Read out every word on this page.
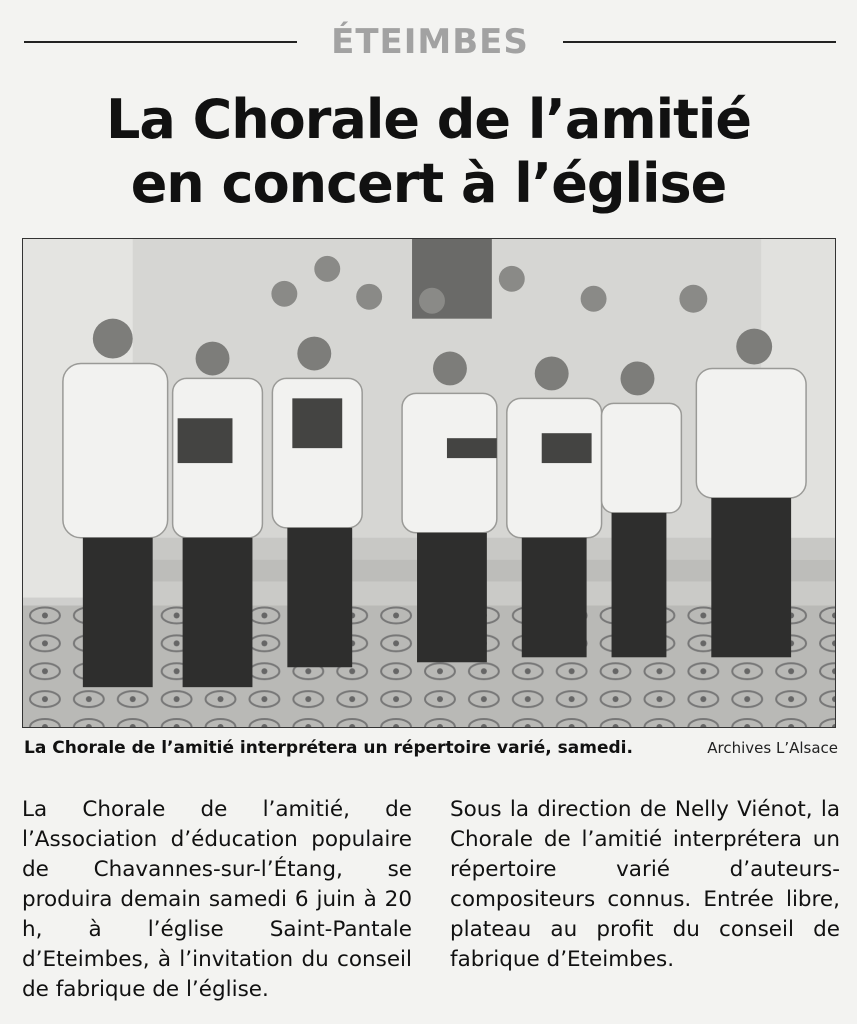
ÉTEIMBES
La Chorale de l’amitié
en concert à l’église
La Chorale de l’amitié interprétera un répertoire varié, samedi.	Archives L’Alsace
La Chorale de l’amitié, de l’Association d’éducation populaire de Chavannes-sur-l’Étang, se produira demain samedi 6 juin à 20 h, à l’église Saint-Pantale d’Eteimbes, à l’invitation du conseil de fabrique de l’église.
Sous la direction de Nelly Viénot, la Chorale de l’amitié interprétera un répertoire varié d’auteurs-compositeurs connus. Entrée libre, plateau au profit du conseil de fabrique d’Eteimbes.
